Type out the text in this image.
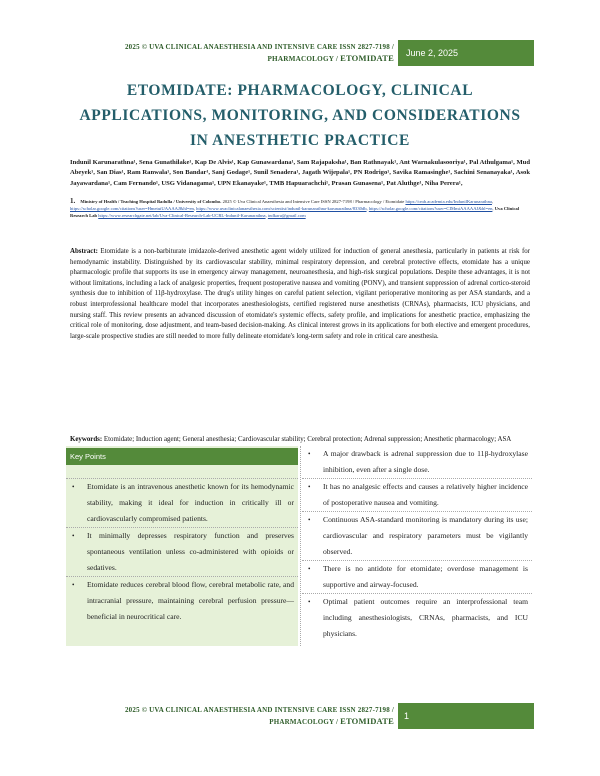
2025 © UVA CLINICAL ANAESTHESIA AND INTENSIVE CARE ISSN 2827-7198 /
PHARMACOLOGY / ETOMIDATE	June 2, 2025
ETOMIDATE: PHARMACOLOGY, CLINICAL APPLICATIONS, MONITORING, AND CONSIDERATIONS IN ANESTHETIC PRACTICE
Indunil Karunarathna¹, Sena Gunathilake¹, Kap De Alvis¹, Kap Gunawardana¹, Sam Rajapaksha¹, Ban Rathnayak¹, Ant Warnakulasooriya¹, Pal Athulgama¹, Mud Abeyek¹, San Dias¹, Ram Ranwala¹, Son Bandar¹, Sanj Godage¹, Sunil Senadera¹, Jagath Wijepala¹, PN Rodrigo¹, Savika Ramasinghe¹, Sachini Senanayaka¹, Asok Jayawardana¹, Cam Fernando¹, USG Vidanagama¹, UPN Ekanayake¹, TMB Hapuarachchi¹, Prasan Gunasena¹, Pat Aluthge¹, Niha Perera¹,
1. Ministry of Health / Teaching Hospital Badulla / University of Colombo. 2025 © Uva Clinical Anaesthesia and Intensive Care ISSN 2827-7198 / Pharmacology / Etomidate https://cmb.academia.edu/IndunilKarunarathna, https://scholar.google.com/citations?user=HmetuiUAAAAJ&hl=en, https://www.uvaclinicalanaesthesia.com/scientist/indunil-karunarathna-karunarathna/8330db, https://scholar.google.com/citations?user=CIMmiAAAAAJ&hl=en, Uva Clinical Research Lab https://www.researchgate.net/lab/Uva-Clinical-Research-Lab-UCRL-Indunil-Karunarathna, indkaru@gmail.com
Abstract: Etomidate is a non-barbiturate imidazole-derived anesthetic agent widely utilized for induction of general anesthesia, particularly in patients at risk for hemodynamic instability. Distinguished by its cardiovascular stability, minimal respiratory depression, and cerebral protective effects, etomidate has a unique pharmacologic profile that supports its use in emergency airway management, neuroanesthesia, and high-risk surgical populations. Despite these advantages, it is not without limitations, including a lack of analgesic properties, frequent postoperative nausea and vomiting (PONV), and transient suppression of adrenal cortico-steroid synthesis due to inhibition of 11β-hydroxylase. The drug's utility hinges on careful patient selection, vigilant perioperative monitoring as per ASA standards, and a robust interprofessional healthcare model that incorporates anesthesiologists, certified registered nurse anesthetists (CRNAs), pharmacists, ICU physicians, and nursing staff. This review presents an advanced discussion of etomidate's systemic effects, safety profile, and implications for anesthetic practice, emphasizing the critical role of monitoring, dose adjustment, and team-based decision-making. As clinical interest grows in its applications for both elective and emergent procedures, large-scale prospective studies are still needed to more fully delineate etomidate's long-term safety and role in critical care anesthesia.
Keywords: Etomidate; Induction agent; General anesthesia; Cardiovascular stability; Cerebral protection; Adrenal suppression; Anesthetic pharmacology; ASA
Key Points
• Etomidate is an intravenous anesthetic known for its hemodynamic stability, making it ideal for induction in critically ill or cardiovascularly compromised patients.
• It minimally depresses respiratory function and preserves spontaneous ventilation unless co-administered with opioids or sedatives.
• Etomidate reduces cerebral blood flow, cerebral metabolic rate, and intracranial pressure, maintaining cerebral perfusion pressure—beneficial in neurocritical care.
• A major drawback is adrenal suppression due to 11β-hydroxylase inhibition, even after a single dose.
• It has no analgesic effects and causes a relatively higher incidence of postoperative nausea and vomiting.
• Continuous ASA-standard monitoring is mandatory during its use; cardiovascular and respiratory parameters must be vigilantly observed.
• There is no antidote for etomidate; overdose management is supportive and airway-focused.
• Optimal patient outcomes require an interprofessional team including anesthesiologists, CRNAs, pharmacists, and ICU physicians.
2025 © UVA CLINICAL ANAESTHESIA AND INTENSIVE CARE ISSN 2827-7198 /
PHARMACOLOGY / ETOMIDATE	1
